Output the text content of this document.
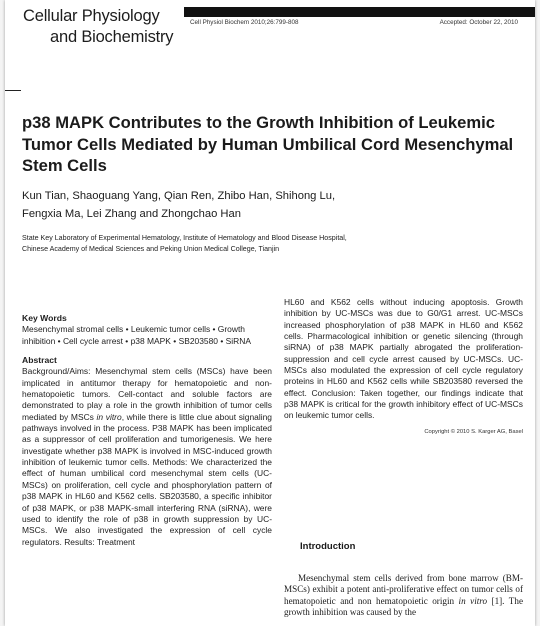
Cellular Physiology
and Biochemistry
Cell Physiol Biochem 2010;26:799-808	Accepted: October 22, 2010
p38 MAPK Contributes to the Growth Inhibition of Leukemic Tumor Cells Mediated by Human Umbilical Cord Mesenchymal Stem Cells
Kun Tian, Shaoguang Yang, Qian Ren, Zhibo Han, Shihong Lu,
Fengxia Ma, Lei Zhang and Zhongchao Han
State Key Laboratory of Experimental Hematology, Institute of Hematology and Blood Disease Hospital,
Chinese Academy of Medical Sciences and Peking Union Medical College, Tianjin

Key Words

Mesenchymal stromal cells • Leukemic tumor cells • Growth inhibition • Cell cycle arrest • p38 MAPK • SB203580 • SiRNA

Abstract

Background/Aims: Mesenchymal stem cells (MSCs) have been implicated in antitumor therapy for hematopoietic and non-hematopoietic tumors. Cell-contact and soluble factors are demonstrated to play a role in the growth inhibition of tumor cells mediated by MSCs in vitro, while there is little clue about signaling pathways involved in the process. P38 MAPK has been implicated as a suppressor of cell proliferation and tumorigenesis. We here investigate whether p38 MAPK is involved in MSC-induced growth inhibition of leukemic tumor cells. Methods: We characterized the effect of human umbilical cord mesenchymal stem cells (UC-MSCs) on proliferation, cell cycle and phosphorylation pattern of p38 MAPK in HL60 and K562 cells. SB203580, a specific inhibitor of p38 MAPK, or p38 MAPK-small interfering RNA (siRNA), were used to identify the role of p38 in growth suppression by UC-MSCs. We also investigated the expression of cell cycle regulators. Results: Treatment

HL60 and K562 cells without inducing apoptosis. Growth inhibition by UC-MSCs was due to G0/G1 arrest. UC-MSCs increased phosphorylation of p38 MAPK in HL60 and K562 cells. Pharmacological inhibition or genetic silencing (through siRNA) of p38 MAPK partially abrogated the proliferation-suppression and cell cycle arrest caused by UC-MSCs. UC-MSCs also modulated the expression of cell cycle regulatory proteins in HL60 and K562 cells while SB203580 reversed the effect. Conclusion: Taken together, our findings indicate that p38 MAPK is critical for the growth inhibitory effect of UC-MSCs on leukemic tumor cells.
Copyright © 2010 S. Karger AG, Basel
Introduction

Mesenchymal stem cells derived from bone marrow (BM-MSCs) exhibit a potent anti-proliferative effect on tumor cells of hematopoietic and non hematopoietic origin in vitro [1]. The growth inhibition was caused by the
